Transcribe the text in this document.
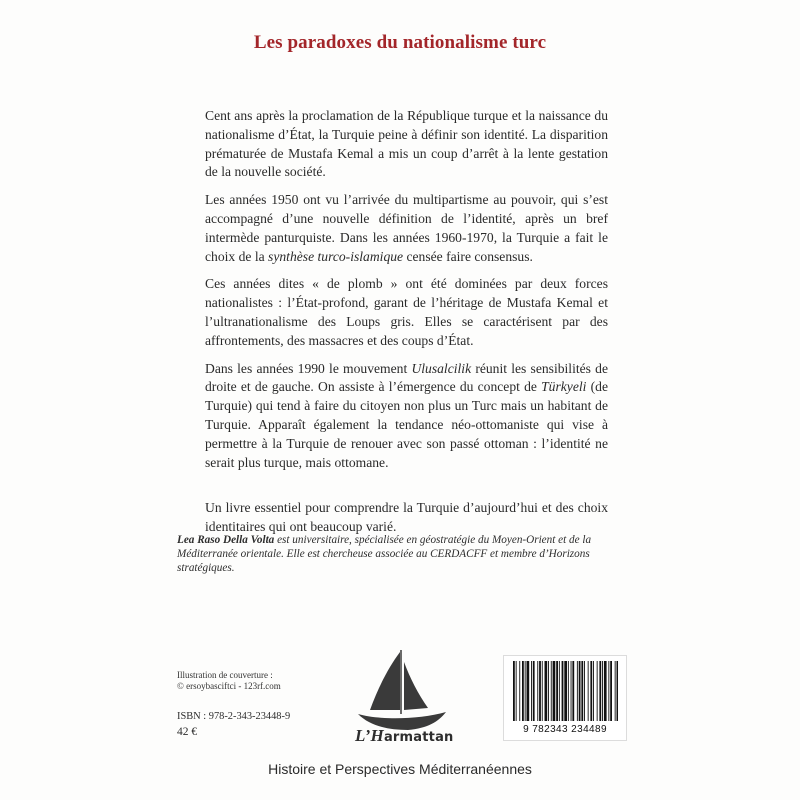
Les paradoxes du nationalisme turc

Cent ans après la proclamation de la République turque et la naissance du nationalisme d’État, la Turquie peine à définir son identité. La disparition prématurée de Mustafa Kemal a mis un coup d’arrêt à la lente gestation de la nouvelle société.

Les années 1950 ont vu l’arrivée du multipartisme au pouvoir, qui s’est accompagné d’une nouvelle définition de l’identité, après un bref intermède panturquiste. Dans les années 1960-1970, la Turquie a fait le choix de la synthèse turco-islamique censée faire consensus.

Ces années dites « de plomb » ont été dominées par deux forces nationalistes : l’État-profond, garant de l’héritage de Mustafa Kemal et l’ultranationalisme des Loups gris. Elles se caractérisent par des affrontements, des massacres et des coups d’État.

Dans les années 1990 le mouvement Ulusalcilik réunit les sensibilités de droite et de gauche. On assiste à l’émergence du concept de Türkyeli (de Turquie) qui tend à faire du citoyen non plus un Turc mais un habitant de Turquie. Apparaît également la tendance néo-ottomaniste qui vise à permettre à la Turquie de renouer avec son passé ottoman : l’identité ne serait plus turque, mais ottomane.

Un livre essentiel pour comprendre la Turquie d’aujourd’hui et des choix identitaires qui ont beaucoup varié.

Lea Raso Della Volta est universitaire, spécialisée en géostratégie du Moyen-Orient et de la Méditerranée orientale. Elle est chercheuse associée au CERDACFF et membre d’Horizons stratégiques.
Illustration de couverture :
© ersoybasciftci - 123rf.com
ISBN : 978-2-343-23448-9
42 €	L’Harmattan
9 782343 234489
Histoire et Perspectives Méditerranéennes
